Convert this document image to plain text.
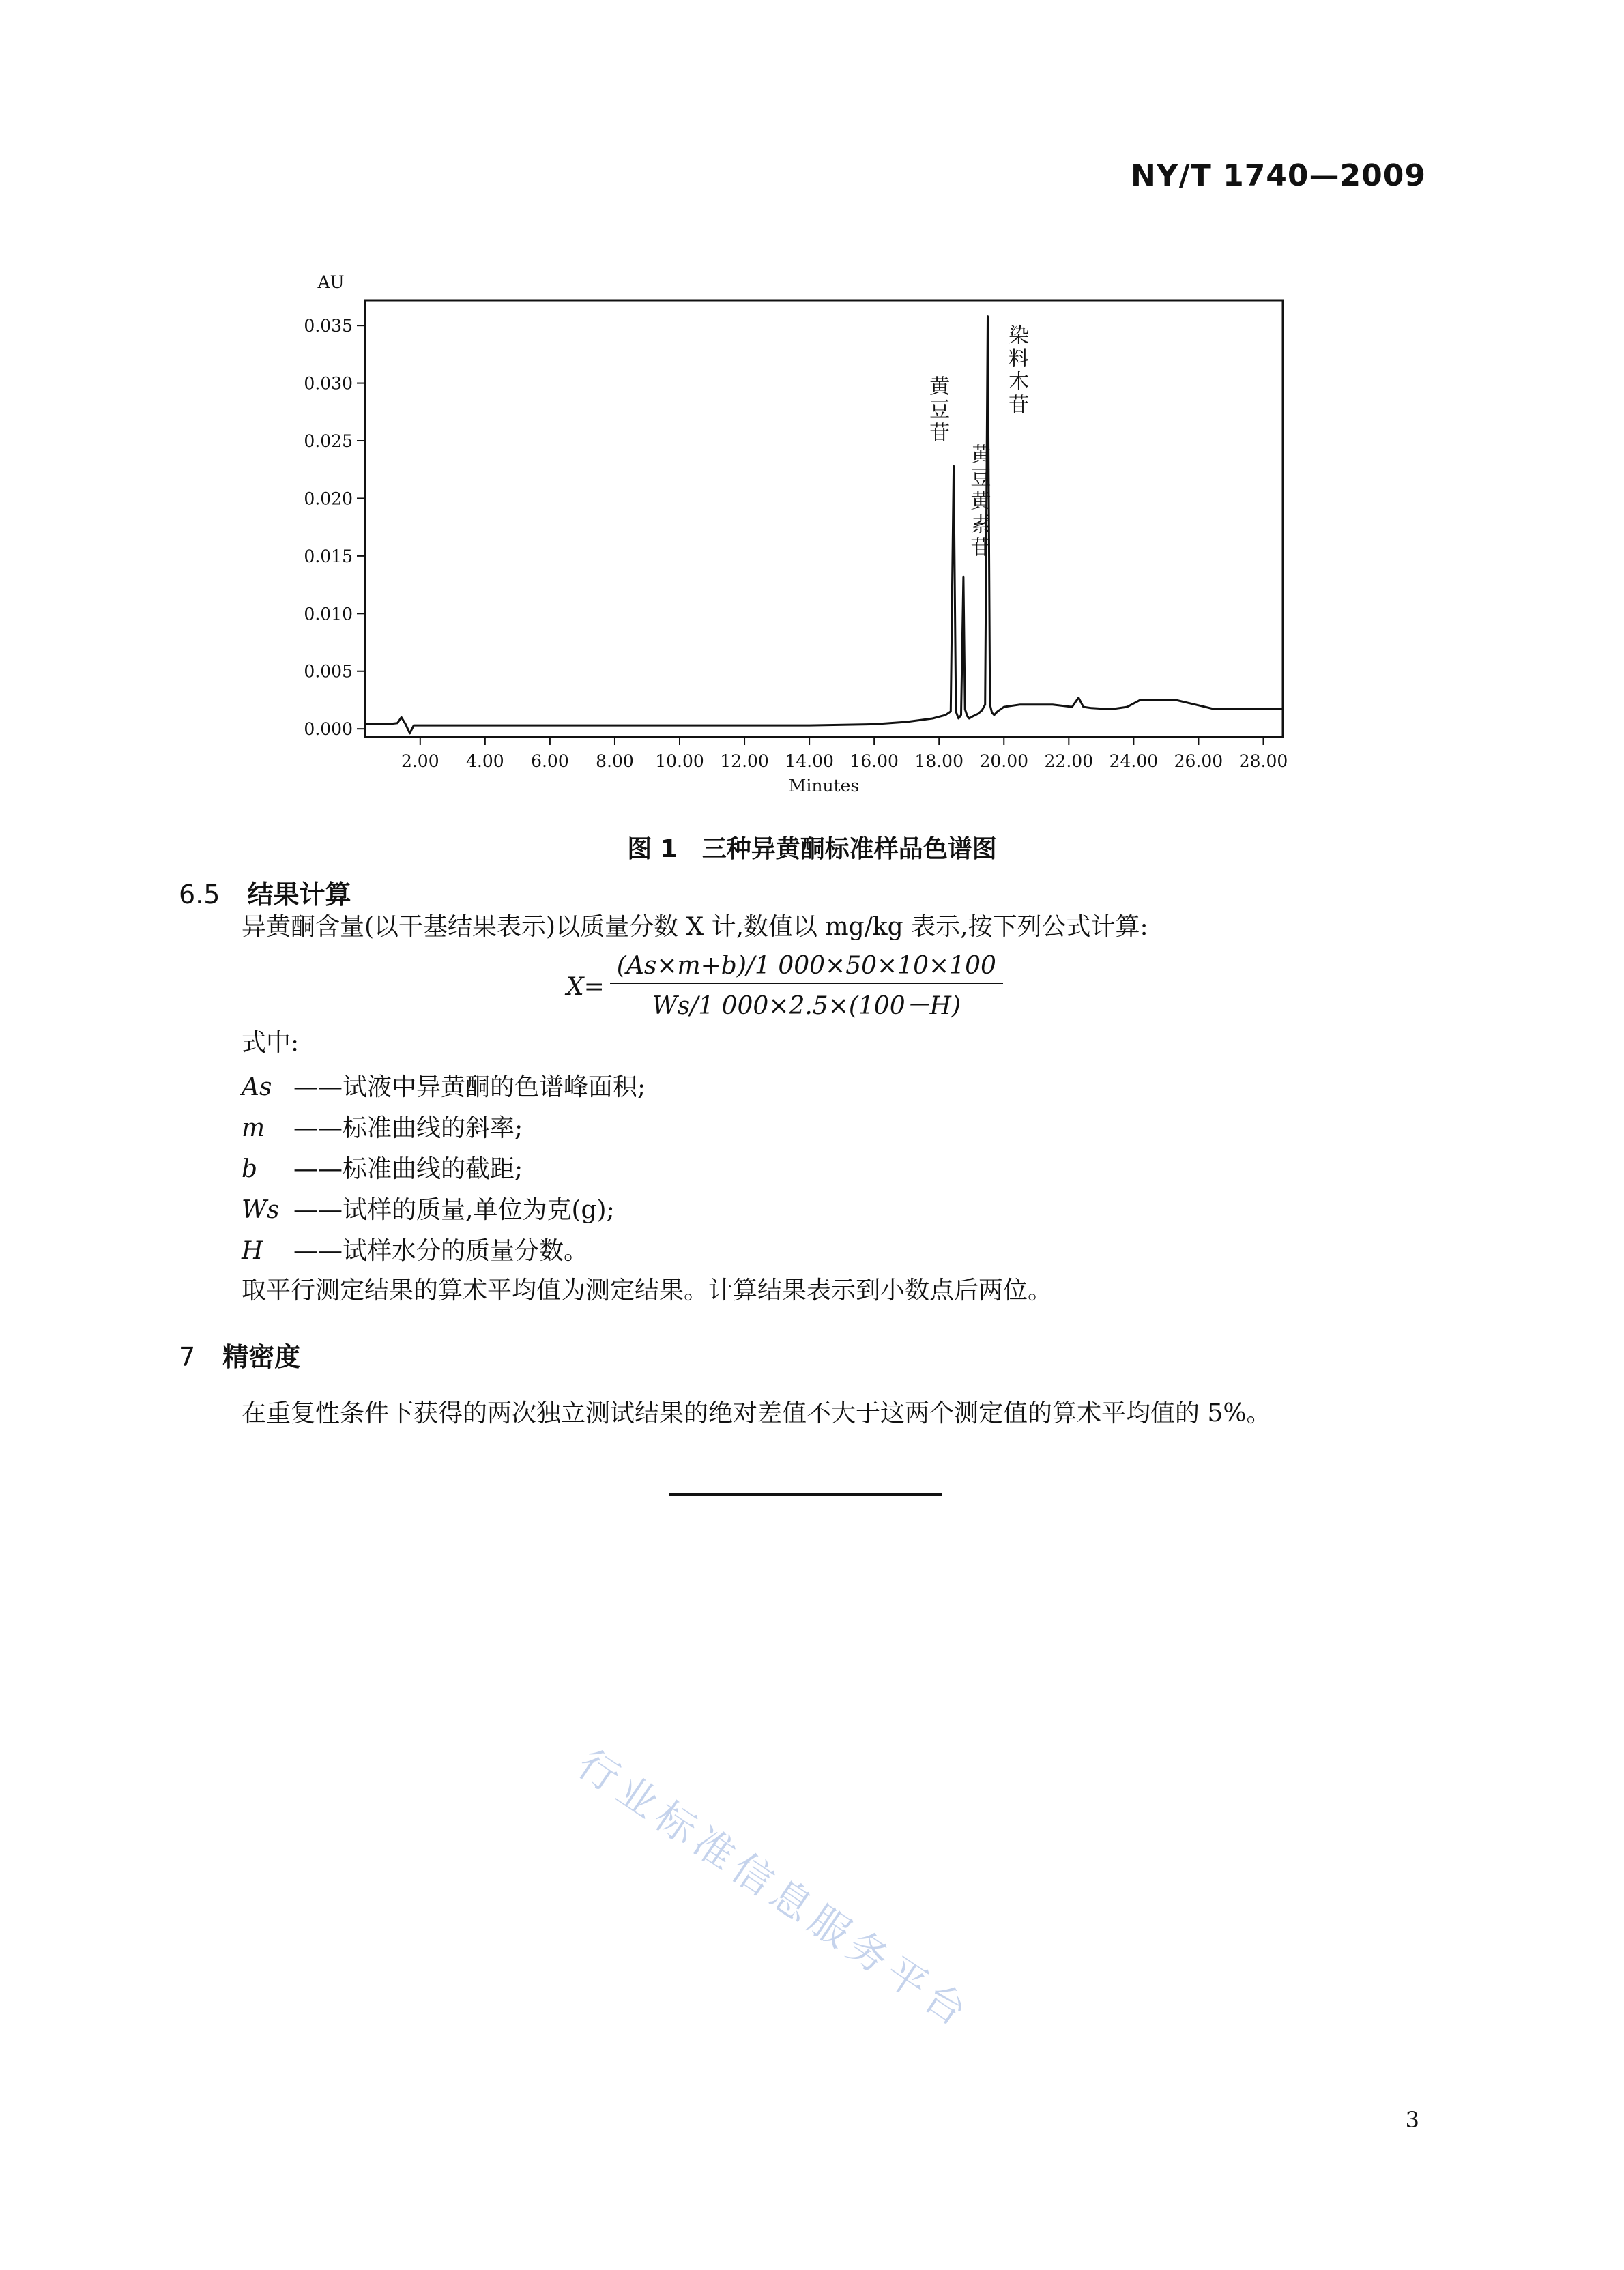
NY/T 1740—2009
0.000
0.005
0.010
0.015
0.020
0.025
0.030
0.035
2.00 4.00 6.00 8.00 10.00 12.00 14.00 16.00 18.00 20.00 22.00 24.00 26.00 28.00
Minutes
AU
黄豆苷
黄豆黄素苷
染料木苷
图 1　三种异黄酮标准样品色谱图
6.5 结果计算
异黄酮含量(以干基结果表示)以质量分数 X 计,数值以 mg/kg 表示,按下列公式计算:
$X= \frac{(As\times m+b)/1 000\times 50\times 10\times 100}{Ws/1 000\times 2.5\times(100-H)}$
式中:
As ——试液中异黄酮的色谱峰面积;
m ——标准曲线的斜率;
b ——标准曲线的截距;
Ws ——试样的质量,单位为克(g);
H ——试样水分的质量分数。
取平行测定结果的算术平均值为测定结果。计算结果表示到小数点后两位。
7 精密度
在重复性条件下获得的两次独立测试结果的绝对差值不大于这两个测定值的算术平均值的 5%。
行业标准信息服务平台
3
